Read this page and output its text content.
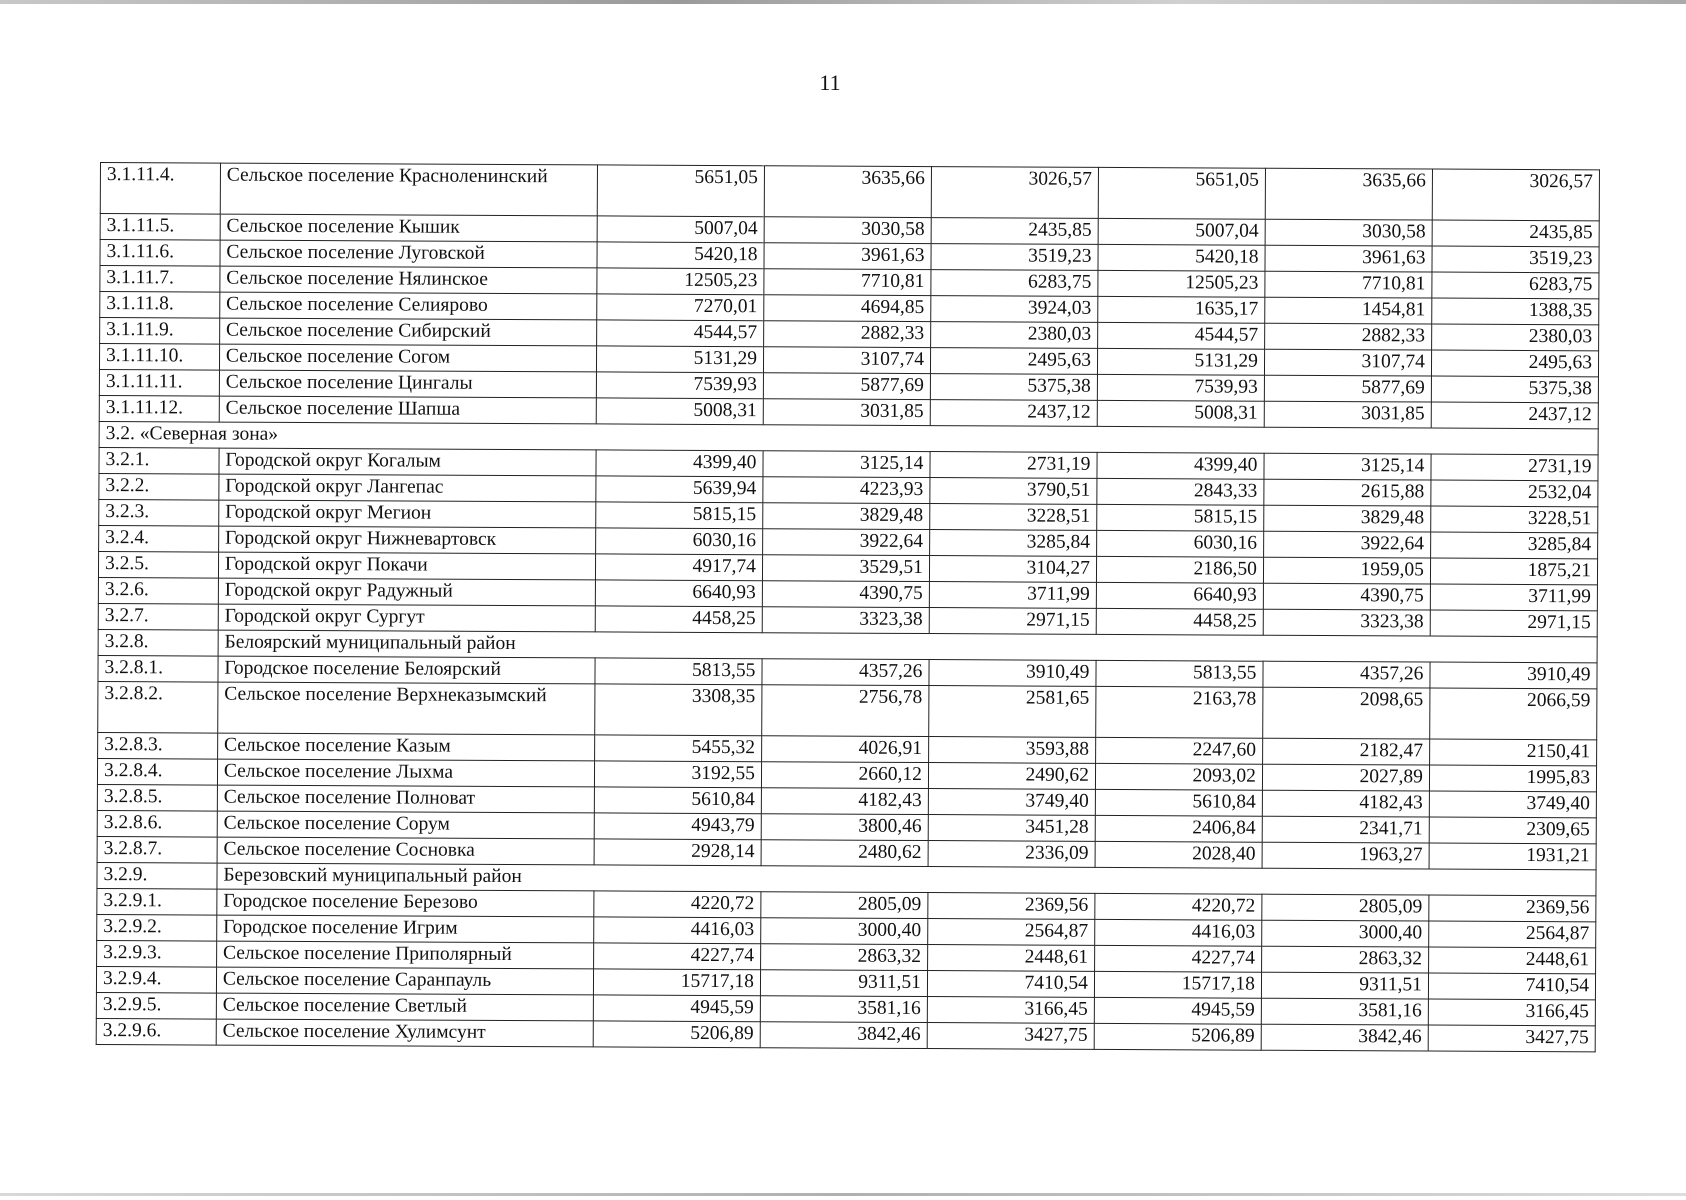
11
3.1.11.4.	Сельское поселение Красноленинский	5651,05	3635,66	3026,57	5651,05	3635,66	3026,57
3.1.11.5.	Сельское поселение Кышик	5007,04	3030,58	2435,85	5007,04	3030,58	2435,85
3.1.11.6.	Сельское поселение Луговской	5420,18	3961,63	3519,23	5420,18	3961,63	3519,23
3.1.11.7.	Сельское поселение Нялинское	12505,23	7710,81	6283,75	12505,23	7710,81	6283,75
3.1.11.8.	Сельское поселение Селиярово	7270,01	4694,85	3924,03	1635,17	1454,81	1388,35
3.1.11.9.	Сельское поселение Сибирский	4544,57	2882,33	2380,03	4544,57	2882,33	2380,03
3.1.11.10.	Сельское поселение Согом	5131,29	3107,74	2495,63	5131,29	3107,74	2495,63
3.1.11.11.	Сельское поселение Цингалы	7539,93	5877,69	5375,38	7539,93	5877,69	5375,38
3.1.11.12.	Сельское поселение Шапша	5008,31	3031,85	2437,12	5008,31	3031,85	2437,12
3.2. «Северная зона»							
3.2.1.	Городской округ Когалым	4399,40	3125,14	2731,19	4399,40	3125,14	2731,19
3.2.2.	Городской округ Лангепас	5639,94	4223,93	3790,51	2843,33	2615,88	2532,04
3.2.3.	Городской округ Мегион	5815,15	3829,48	3228,51	5815,15	3829,48	3228,51
3.2.4.	Городской округ Нижневартовск	6030,16	3922,64	3285,84	6030,16	3922,64	3285,84
3.2.5.	Городской округ Покачи	4917,74	3529,51	3104,27	2186,50	1959,05	1875,21
3.2.6.	Городской округ Радужный	6640,93	4390,75	3711,99	6640,93	4390,75	3711,99
3.2.7.	Городской округ Сургут	4458,25	3323,38	2971,15	4458,25	3323,38	2971,15
3.2.8.	Белоярский муниципальный район						
3.2.8.1.	Городское поселение Белоярский	5813,55	4357,26	3910,49	5813,55	4357,26	3910,49
3.2.8.2.	Сельское поселение Верхнеказымский	3308,35	2756,78	2581,65	2163,78	2098,65	2066,59
3.2.8.3.	Сельское поселение Казым	5455,32	4026,91	3593,88	2247,60	2182,47	2150,41
3.2.8.4.	Сельское поселение Лыхма	3192,55	2660,12	2490,62	2093,02	2027,89	1995,83
3.2.8.5.	Сельское поселение Полноват	5610,84	4182,43	3749,40	5610,84	4182,43	3749,40
3.2.8.6.	Сельское поселение Сорум	4943,79	3800,46	3451,28	2406,84	2341,71	2309,65
3.2.8.7.	Сельское поселение Сосновка	2928,14	2480,62	2336,09	2028,40	1963,27	1931,21
3.2.9.	Березовский муниципальный район						
3.2.9.1.	Городское поселение Березово	4220,72	2805,09	2369,56	4220,72	2805,09	2369,56
3.2.9.2.	Городское поселение Игрим	4416,03	3000,40	2564,87	4416,03	3000,40	2564,87
3.2.9.3.	Сельское поселение Приполярный	4227,74	2863,32	2448,61	4227,74	2863,32	2448,61
3.2.9.4.	Сельское поселение Саранпауль	15717,18	9311,51	7410,54	15717,18	9311,51	7410,54
3.2.9.5.	Сельское поселение Светлый	4945,59	3581,16	3166,45	4945,59	3581,16	3166,45
3.2.9.6.	Сельское поселение Хулимсунт	5206,89	3842,46	3427,75	5206,89	3842,46	3427,75
